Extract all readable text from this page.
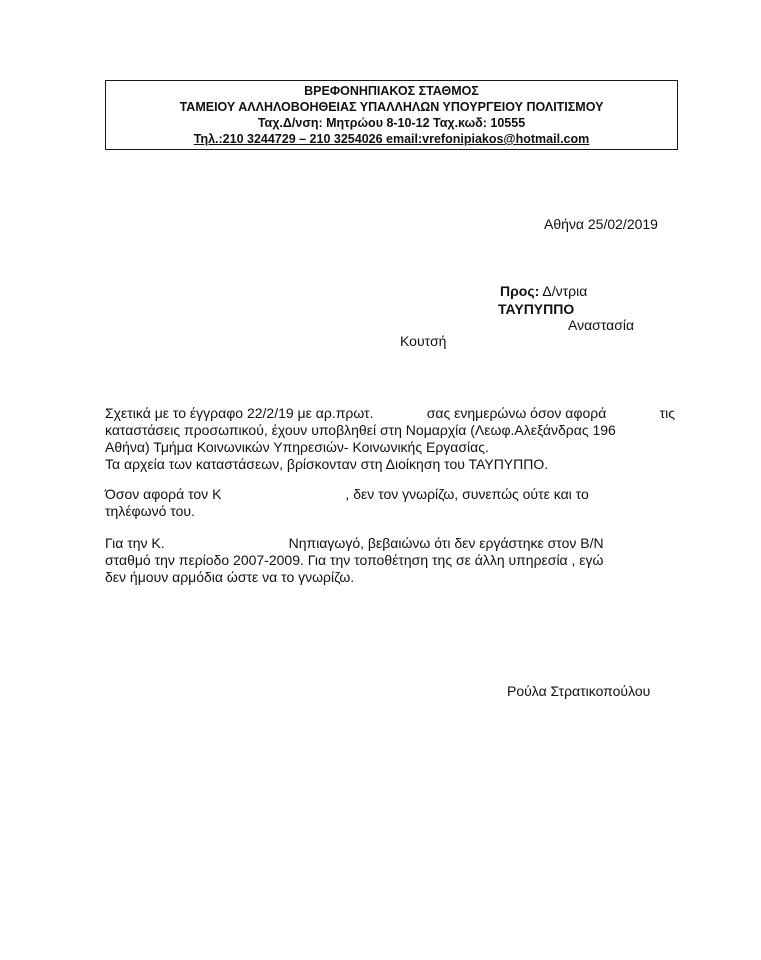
ΒΡΕΦΟΝΗΠΙΑΚΟΣ ΣΤΑΘΜΟΣ
ΤΑΜΕΙΟΥ ΑΛΛΗΛΟΒΟΗΘΕΙΑΣ ΥΠΑΛΛΗΛΩΝ ΥΠΟΥΡΓΕΙΟΥ ΠΟΛΙΤΙΣΜΟΥ
Ταχ.Δ/νση: Μητρώου 8-10-12 Ταχ.κωδ: 10555
Τηλ.:210 3244729 – 210 3254026 email:vrefonipiakos@hotmail.com
Αθήνα 25/02/2019
Προς: Δ/ντρια
ΤΑΥΠΥΠΠΟ
Αναστασία
Κουτσή
Σχετικά με το έγγραφο 22/2/19 με αρ.πρωτ.	σας ενημερώνω όσον αφορά	τις
καταστάσεις προσωπικού, έχουν υποβληθεί στη Νομαρχία (Λεωφ.Αλεξάνδρας 196
Αθήνα) Τμήμα Κοινωνικών Υπηρεσιών- Κοινωνικής Εργασίας.
Τα αρχεία των καταστάσεων, βρίσκονταν στη Διοίκηση του ΤΑΥΠΥΠΠΟ.
Όσον αφορά τον Κ	, δεν τον γνωρίζω, συνεπώς ούτε και το
τηλέφωνό του.
Για την Κ.	Νηπιαγωγό, βεβαιώνω ότι δεν εργάστηκε στον Β/Ν
σταθμό την περίοδο 2007-2009. Για την τοποθέτηση της σε άλλη υπηρεσία , εγώ
δεν ήμουν αρμόδια ώστε να το γνωρίζω.
Ρούλα Στρατικοπούλου
